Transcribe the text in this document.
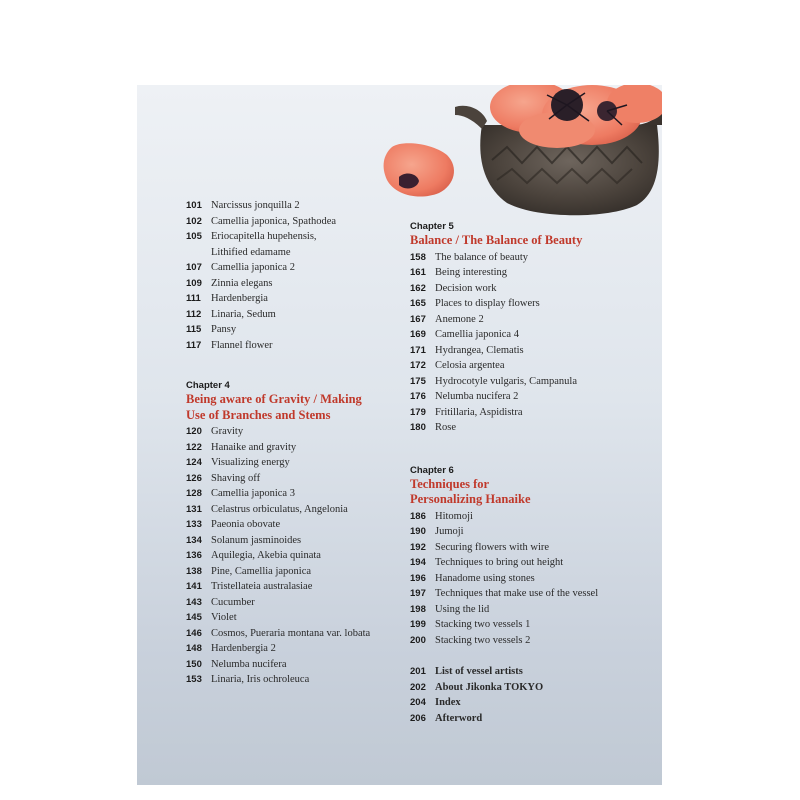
101 Narcissus jonquilla 2
102 Camellia japonica, Spathodea
105 Eriocapitella hupehensis,
Lithified edamame
107 Camellia japonica 2
109 Zinnia elegans
111 Hardenbergia
112 Linaria, Sedum
115 Pansy
117 Flannel flower
Chapter 4
Being aware of Gravity / Making
Use of Branches and Stems
120 Gravity
122 Hanaike and gravity
124 Visualizing energy
126 Shaving off
128 Camellia japonica 3
131 Celastrus orbiculatus, Angelonia
133 Paeonia obovate
134 Solanum jasminoides
136 Aquilegia, Akebia quinata
138 Pine, Camellia japonica
141 Tristellateia australasiae
143 Cucumber
145 Violet
146 Cosmos, Pueraria montana var. lobata
148 Hardenbergia 2
150 Nelumba nucifera
153 Linaria, Iris ochroleuca
Chapter 5
Balance / The Balance of Beauty
158 The balance of beauty
161 Being interesting
162 Decision work
165 Places to display flowers
167 Anemone 2
169 Camellia japonica 4
171 Hydrangea, Clematis
172 Celosia argentea
175 Hydrocotyle vulgaris, Campanula
176 Nelumba nucifera 2
179 Fritillaria, Aspidistra
180 Rose
Chapter 6
Techniques for
Personalizing Hanaike
186 Hitomoji
190 Jumoji
192 Securing flowers with wire
194 Techniques to bring out height
196 Hanadome using stones
197 Techniques that make use of the vessel
198 Using the lid
199 Stacking two vessels 1
200 Stacking two vessels 2
201 List of vessel artists
202 About Jikonka TOKYO
204 Index
206 Afterword
